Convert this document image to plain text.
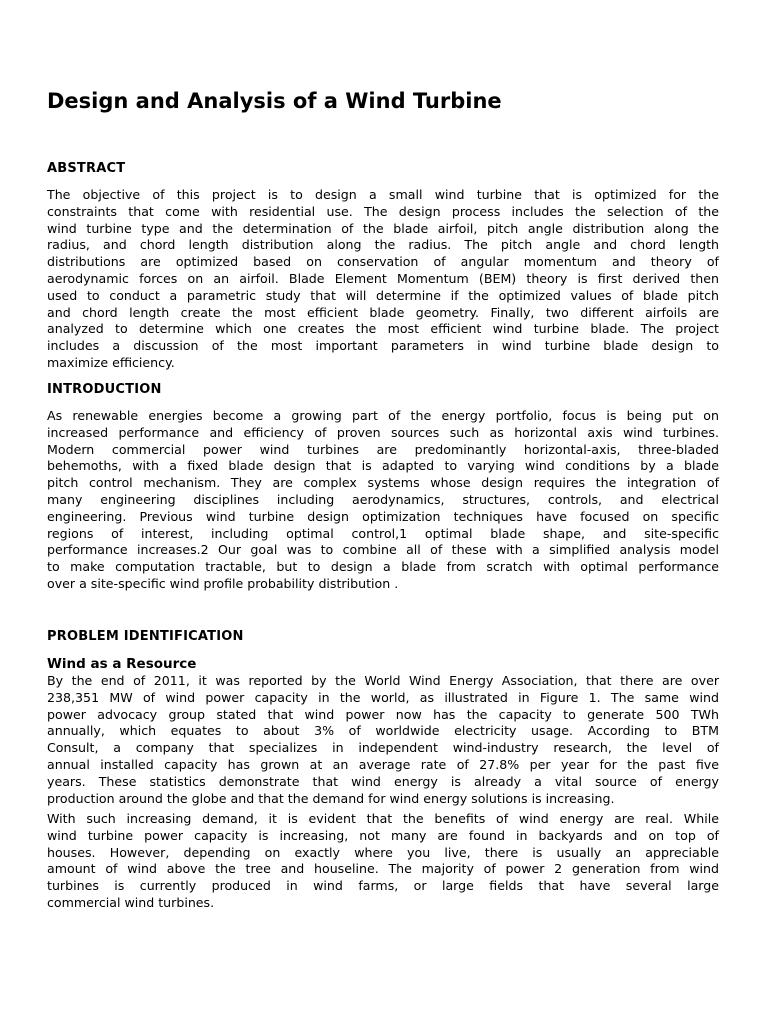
Design and Analysis of a Wind Turbine
ABSTRACT
The objective of this project is to design a small wind turbine that is optimized for the
constraints that come with residential use. The design process includes the selection of the
wind turbine type and the determination of the blade airfoil, pitch angle distribution along the
radius, and chord length distribution along the radius. The pitch angle and chord length
distributions are optimized based on conservation of angular momentum and theory of
aerodynamic forces on an airfoil. Blade Element Momentum (BEM) theory is first derived then
used to conduct a parametric study that will determine if the optimized values of blade pitch
and chord length create the most efficient blade geometry. Finally, two different airfoils are
analyzed to determine which one creates the most efficient wind turbine blade. The project
includes a discussion of the most important parameters in wind turbine blade design to
maximize efficiency.
INTRODUCTION
As renewable energies become a growing part of the energy portfolio, focus is being put on
increased performance and efficiency of proven sources such as horizontal axis wind turbines.
Modern commercial power wind turbines are predominantly horizontal-axis, three-bladed
behemoths, with a fixed blade design that is adapted to varying wind conditions by a blade
pitch control mechanism. They are complex systems whose design requires the integration of
many engineering disciplines including aerodynamics, structures, controls, and electrical
engineering. Previous wind turbine design optimization techniques have focused on specific
regions of interest, including optimal control,1 optimal blade shape, and site-specific
performance increases.2 Our goal was to combine all of these with a simplified analysis model
to make computation tractable, but to design a blade from scratch with optimal performance
over a site-specific wind profile probability distribution .
PROBLEM IDENTIFICATION
Wind as a Resource
By the end of 2011, it was reported by the World Wind Energy Association, that there are over
238,351 MW of wind power capacity in the world, as illustrated in Figure 1. The same wind
power advocacy group stated that wind power now has the capacity to generate 500 TWh
annually, which equates to about 3% of worldwide electricity usage. According to BTM
Consult, a company that specializes in independent wind-industry research, the level of
annual installed capacity has grown at an average rate of 27.8% per year for the past five
years. These statistics demonstrate that wind energy is already a vital source of energy
production around the globe and that the demand for wind energy solutions is increasing.
With such increasing demand, it is evident that the benefits of wind energy are real. While
wind turbine power capacity is increasing, not many are found in backyards and on top of
houses. However, depending on exactly where you live, there is usually an appreciable
amount of wind above the tree and houseline. The majority of power 2 generation from wind
turbines is currently produced in wind farms, or large fields that have several large
commercial wind turbines.
